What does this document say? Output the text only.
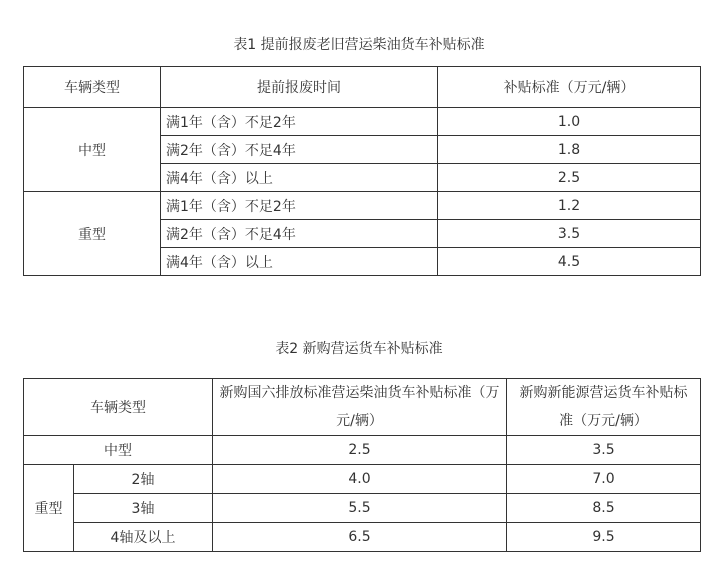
表1 提前报废老旧营运柴油货车补贴标准
车辆类型	提前报废时间	补贴标准（万元/辆）
中型	满1年（含）不足2年	1.0
	满2年（含）不足4年	1.8
	满4年（含）以上	2.5
重型	满1年（含）不足2年	1.2
	满2年（含）不足4年	3.5
	满4年（含）以上	4.5
表2 新购营运货车补贴标准
车辆类型		新购国六排放标准营运柴油货车补贴标准（万元/辆）	新购新能源营运货车补贴标准（万元/辆）
中型		2.5	3.5
重型	2轴	4.0	7.0
	3轴	5.5	8.5
	4轴及以上	6.5	9.5
